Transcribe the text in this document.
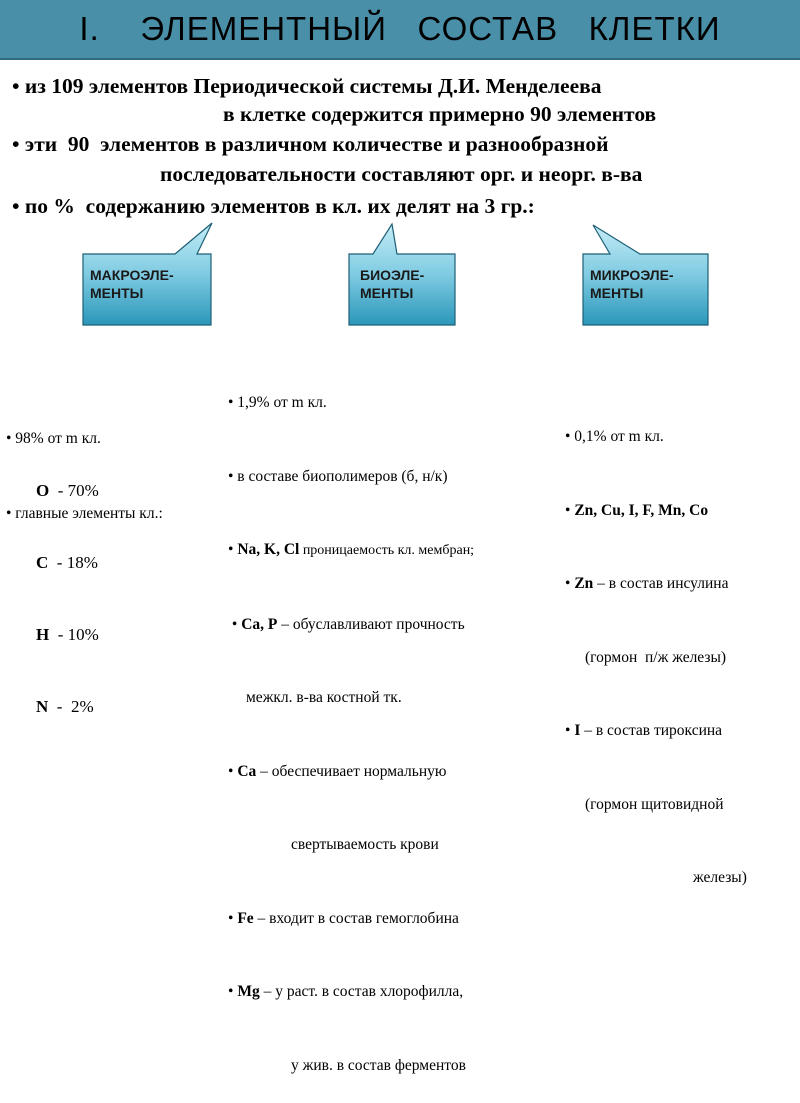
I.    ЭЛЕМЕНТНЫЙ   СОСТАВ   КЛЕТКИ
• из 109 элементов Периодической системы Д.И. Менделеева
в клетке содержится примерно 90 элементов
• эти  90  элементов в различном количестве и разнообразной
последовательности составляют орг. и неорг. в-ва
• по %  содержанию элементов в кл. их делят на 3 гр.:
МАКРОЭЛЕ-
МЕНТЫ
БИОЭЛЕ-
МЕНТЫ
МИКРОЭЛЕ-
МЕНТЫ

• 98% от m кл.

• главные элементы кл.:

O  - 70%

C  - 18%

H  - 10%

N  -  2%

• 1,9% от m кл.

• в составе биополимеров (б, н/к)

• Na, K, Cl проницаемость кл. мембран;

• Ca, P – обуславливают прочность

межкл. в-ва костной тк.

• Ca – обеспечивает нормальную

свертываемость крови

• Fe – входит в состав гемоглобина

• Mg – у раст. в состав хлорофилла,

у жив. в состав ферментов

• 0,1% от m кл.

• Zn, Cu, I, F, Mn, Co

• Zn – в состав инсулина

(гормон  п/ж железы)

• I – в состав тироксина

(гормон щитовидной

железы)
